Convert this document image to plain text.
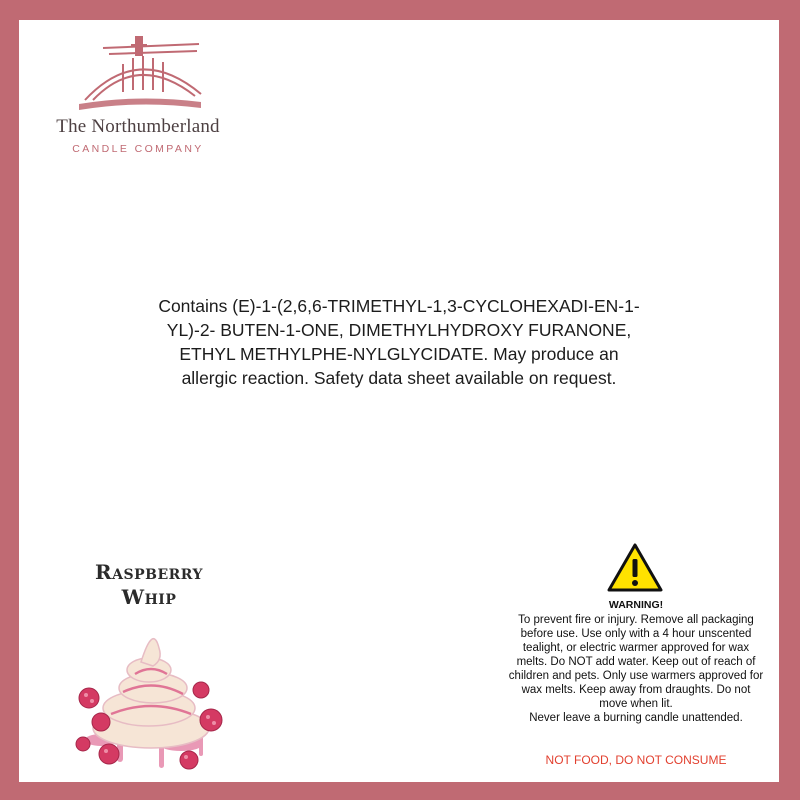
The Northumberland
CANDLE COMPANY
Contains (E)-1-(2,6,6-TRIMETHYL-1,3-CYCLOHEXADI-EN-1-YL)-2- BUTEN-1-ONE, DIMETHYLHYDROXY FURANONE, ETHYL METHYLPHE-NYLGLYCIDATE. May produce an allergic reaction. Safety data sheet available on request.
Raspberry
Whip	WARNING!
To prevent fire or injury. Remove all packaging before use. Use only with a 4 hour unscented tealight, or electric warmer approved for wax melts. Do NOT add water. Keep out of reach of children and pets. Only use warmers approved for wax melts. Keep away from draughts. Do not move when lit.
Never leave a burning candle unattended.
NOT FOOD, DO NOT CONSUME
